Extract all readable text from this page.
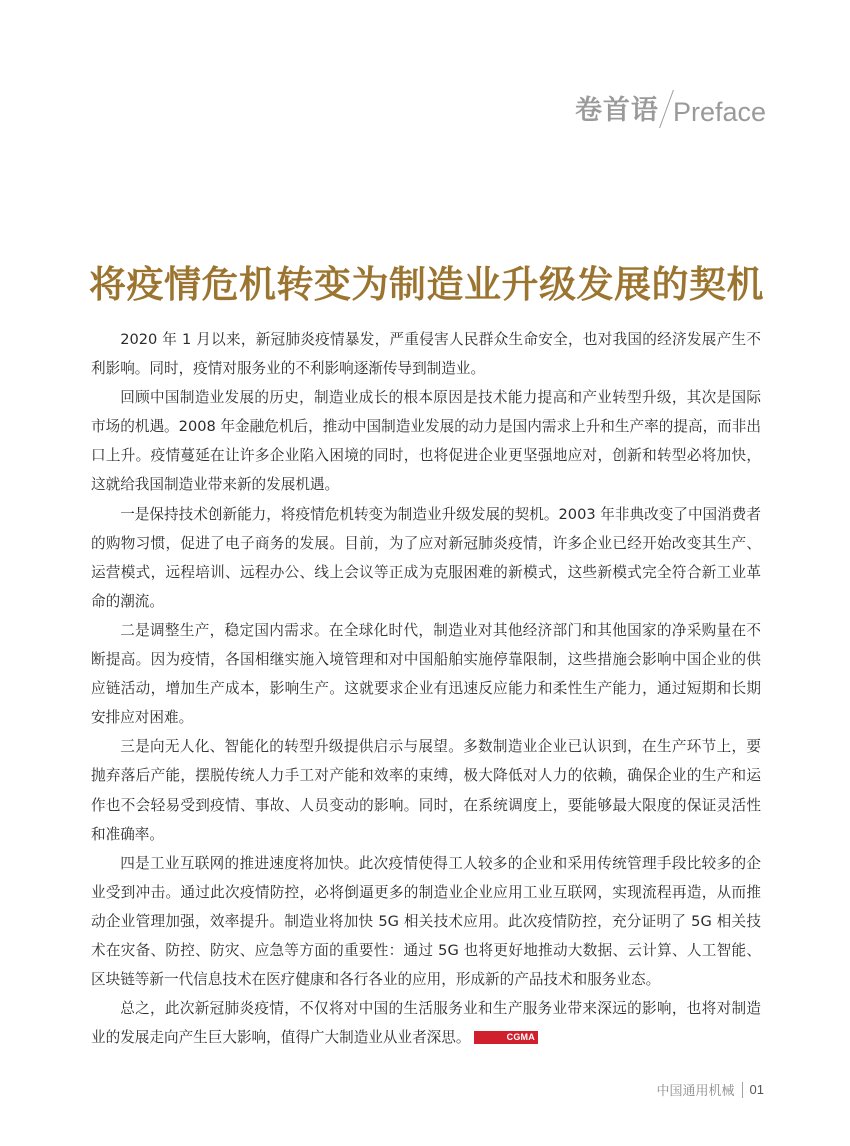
卷首语 Preface
将疫情危机转变为制造业升级发展的契机

2020 年 1 月以来，新冠肺炎疫情暴发，严重侵害人民群众生命安全，也对我国的经济发展产生不利影响。同时，疫情对服务业的不利影响逐渐传导到制造业。

回顾中国制造业发展的历史，制造业成长的根本原因是技术能力提高和产业转型升级，其次是国际市场的机遇。2008 年金融危机后，推动中国制造业发展的动力是国内需求上升和生产率的提高，而非出口上升。疫情蔓延在让许多企业陷入困境的同时，也将促进企业更坚强地应对，创新和转型必将加快，这就给我国制造业带来新的发展机遇。

一是保持技术创新能力，将疫情危机转变为制造业升级发展的契机。2003 年非典改变了中国消费者的购物习惯，促进了电子商务的发展。目前，为了应对新冠肺炎疫情，许多企业已经开始改变其生产、运营模式，远程培训、远程办公、线上会议等正成为克服困难的新模式，这些新模式完全符合新工业革命的潮流。

二是调整生产，稳定国内需求。在全球化时代，制造业对其他经济部门和其他国家的净采购量在不断提高。因为疫情，各国相继实施入境管理和对中国船舶实施停靠限制，这些措施会影响中国企业的供应链活动，增加生产成本，影响生产。这就要求企业有迅速反应能力和柔性生产能力，通过短期和长期安排应对困难。

三是向无人化、智能化的转型升级提供启示与展望。多数制造业企业已认识到，在生产环节上，要抛弃落后产能，摆脱传统人力手工对产能和效率的束缚，极大降低对人力的依赖，确保企业的生产和运作也不会轻易受到疫情、事故、人员变动的影响。同时，在系统调度上，要能够最大限度的保证灵活性和准确率。

四是工业互联网的推进速度将加快。此次疫情使得工人较多的企业和采用传统管理手段比较多的企业受到冲击。通过此次疫情防控，必将倒逼更多的制造业企业应用工业互联网，实现流程再造，从而推动企业管理加强，效率提升。制造业将加快 5G 相关技术应用。此次疫情防控，充分证明了 5G 相关技术在灾备、防控、防灾、应急等方面的重要性：通过 5G 也将更好地推动大数据、云计算、人工智能、区块链等新一代信息技术在医疗健康和各行各业的应用，形成新的产品技术和服务业态。

总之，此次新冠肺炎疫情，不仅将对中国的生活服务业和生产服务业带来深远的影响，也将对制造业的发展走向产生巨大影响，值得广大制造业从业者深思。	CGMA

中国通用机械 01
